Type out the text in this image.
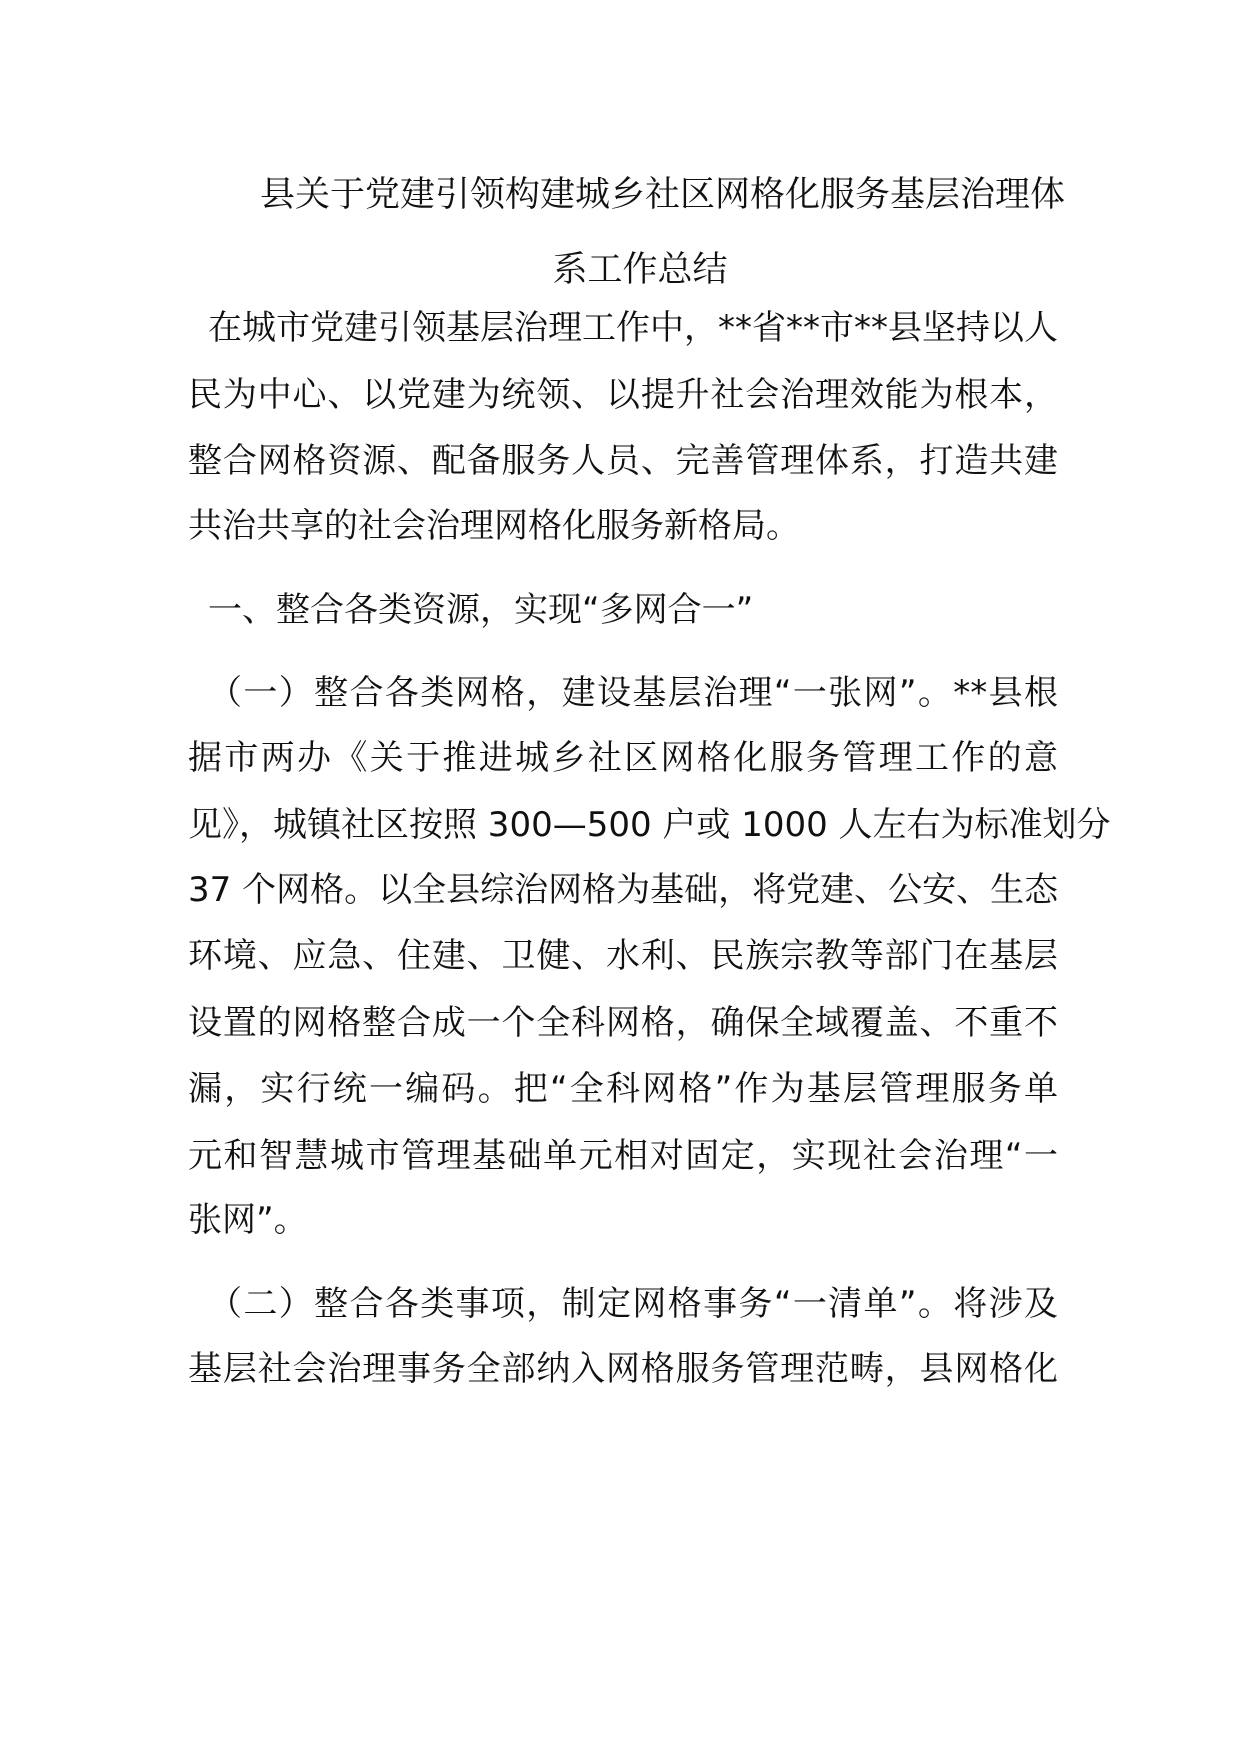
县关于党建引领构建城乡社区网格化服务基层治理体
系工作总结
在城市党建引领基层治理工作中，**省**市**县坚持以人
民为中心、以党建为统领、以提升社会治理效能为根本，
整合网格资源、配备服务人员、完善管理体系，打造共建
共治共享的社会治理网格化服务新格局。
一、整合各类资源，实现“多网合一”
（一）整合各类网格，建设基层治理“一张网”。**县根
据市两办《关于推进城乡社区网格化服务管理工作的意
见》，城镇社区按照 300—500 户或 1000 人左右为标准划分
37 个网格。以全县综治网格为基础，将党建、公安、生态
环境、应急、住建、卫健、水利、民族宗教等部门在基层
设置的网格整合成一个全科网格，确保全域覆盖、不重不
漏，实行统一编码。把“全科网格”作为基层管理服务单
元和智慧城市管理基础单元相对固定，实现社会治理“一
张网”。
（二）整合各类事项，制定网格事务“一清单”。将涉及
基层社会治理事务全部纳入网格服务管理范畴，县网格化
